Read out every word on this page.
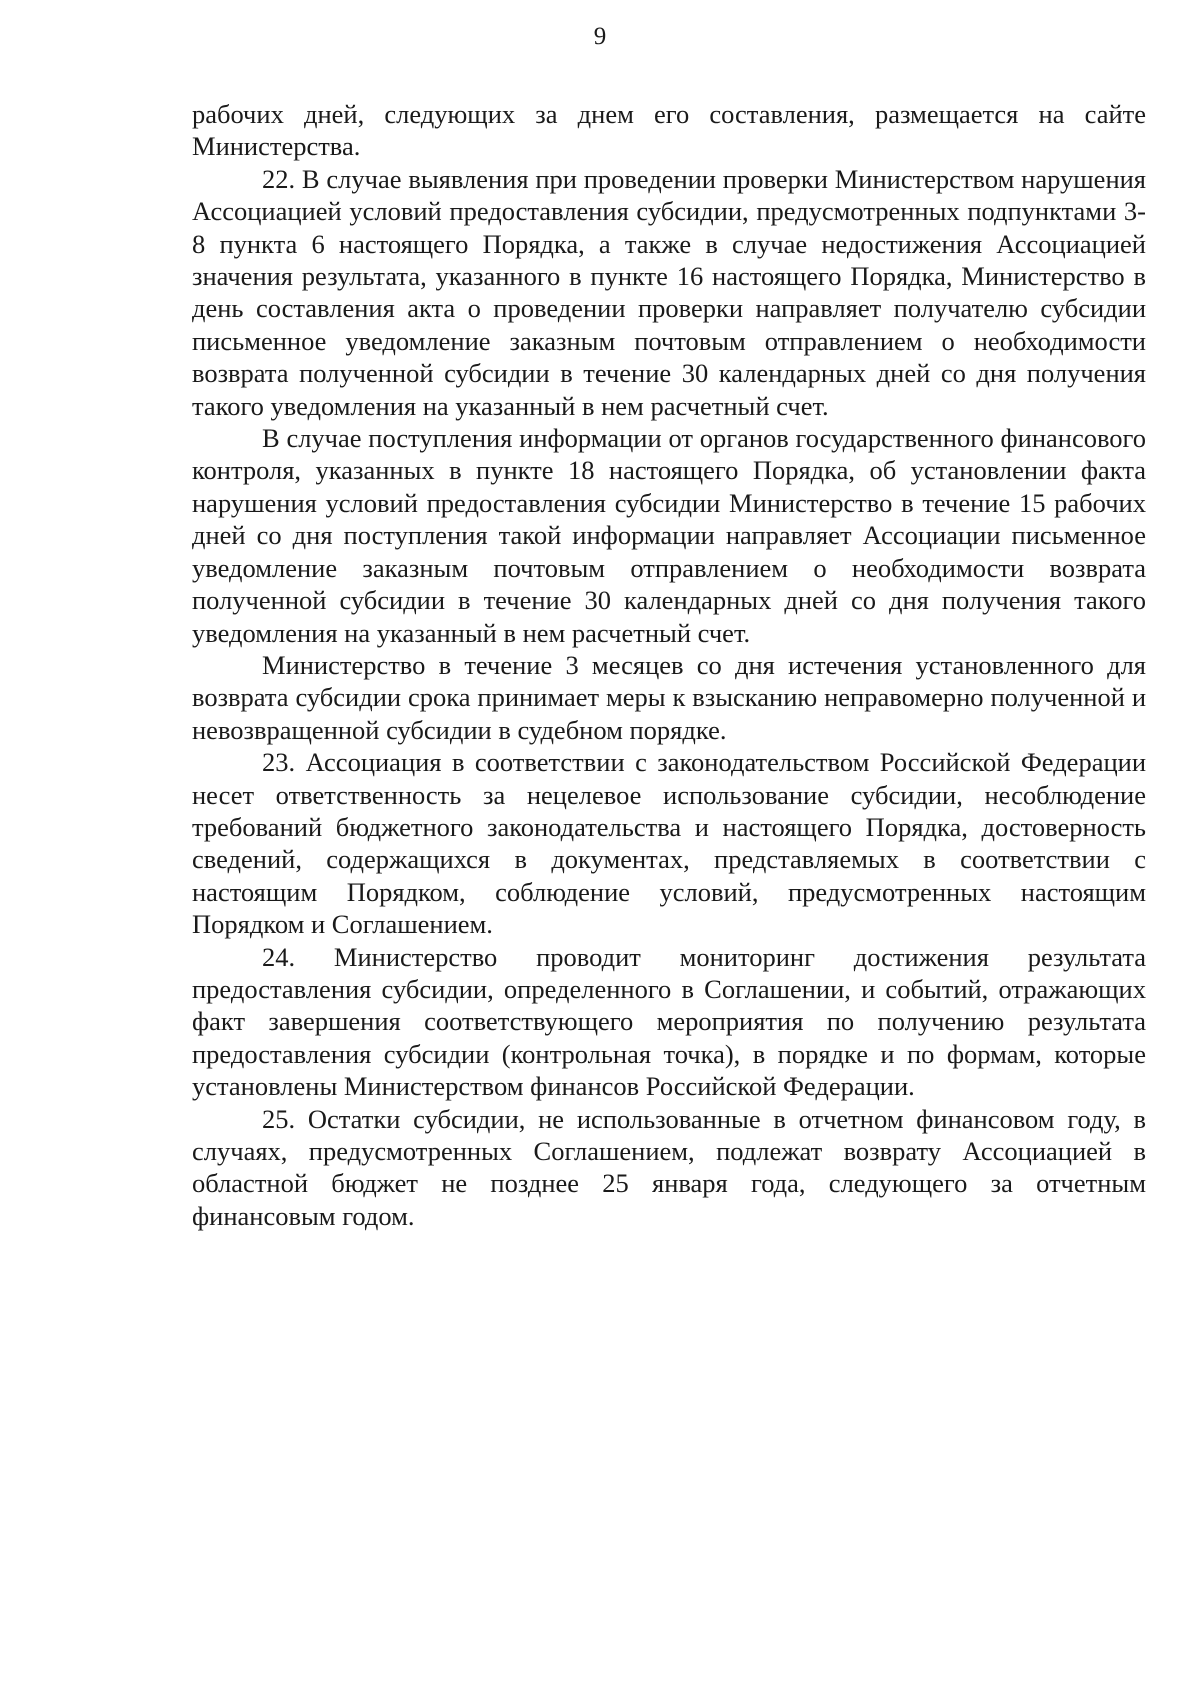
9

рабочих дней, следующих за днем его составления, размещается на сайте Министерства.

22. В случае выявления при проведении проверки Министерством нарушения Ассоциацией условий предоставления субсидии, предусмотренных подпунктами 3-8 пункта 6 настоящего Порядка, а также в случае недостижения Ассоциацией значения результата, указанного в пункте 16 настоящего Порядка, Министерство в день составления акта о проведении проверки направляет получателю субсидии письменное уведомление заказным почтовым отправлением о необходимости возврата полученной субсидии в течение 30 календарных дней со дня получения такого уведомления на указанный в нем расчетный счет.

В случае поступления информации от органов государственного финансового контроля, указанных в пункте 18 настоящего Порядка, об установлении факта нарушения условий предоставления субсидии Министерство в течение 15 рабочих дней со дня поступления такой информации направляет Ассоциации письменное уведомление заказным почтовым отправлением о необходимости возврата полученной субсидии в течение 30 календарных дней со дня получения такого уведомления на указанный в нем расчетный счет.

Министерство в течение 3 месяцев со дня истечения установленного для возврата субсидии срока принимает меры к взысканию неправомерно полученной и невозвращенной субсидии в судебном порядке.

23. Ассоциация в соответствии с законодательством Российской Федерации несет ответственность за нецелевое использование субсидии, несоблюдение требований бюджетного законодательства и настоящего Порядка, достоверность сведений, содержащихся в документах, представляемых в соответствии с настоящим Порядком, соблюдение условий, предусмотренных настоящим Порядком и Соглашением.

24. Министерство проводит мониторинг достижения результата предоставления субсидии, определенного в Соглашении, и событий, отражающих факт завершения соответствующего мероприятия по получению результата предоставления субсидии (контрольная точка), в порядке и по формам, которые установлены Министерством финансов Российской Федерации.

25. Остатки субсидии, не использованные в отчетном финансовом году, в случаях, предусмотренных Соглашением, подлежат возврату Ассоциацией в областной бюджет не позднее 25 января года, следующего за отчетным финансовым годом.
